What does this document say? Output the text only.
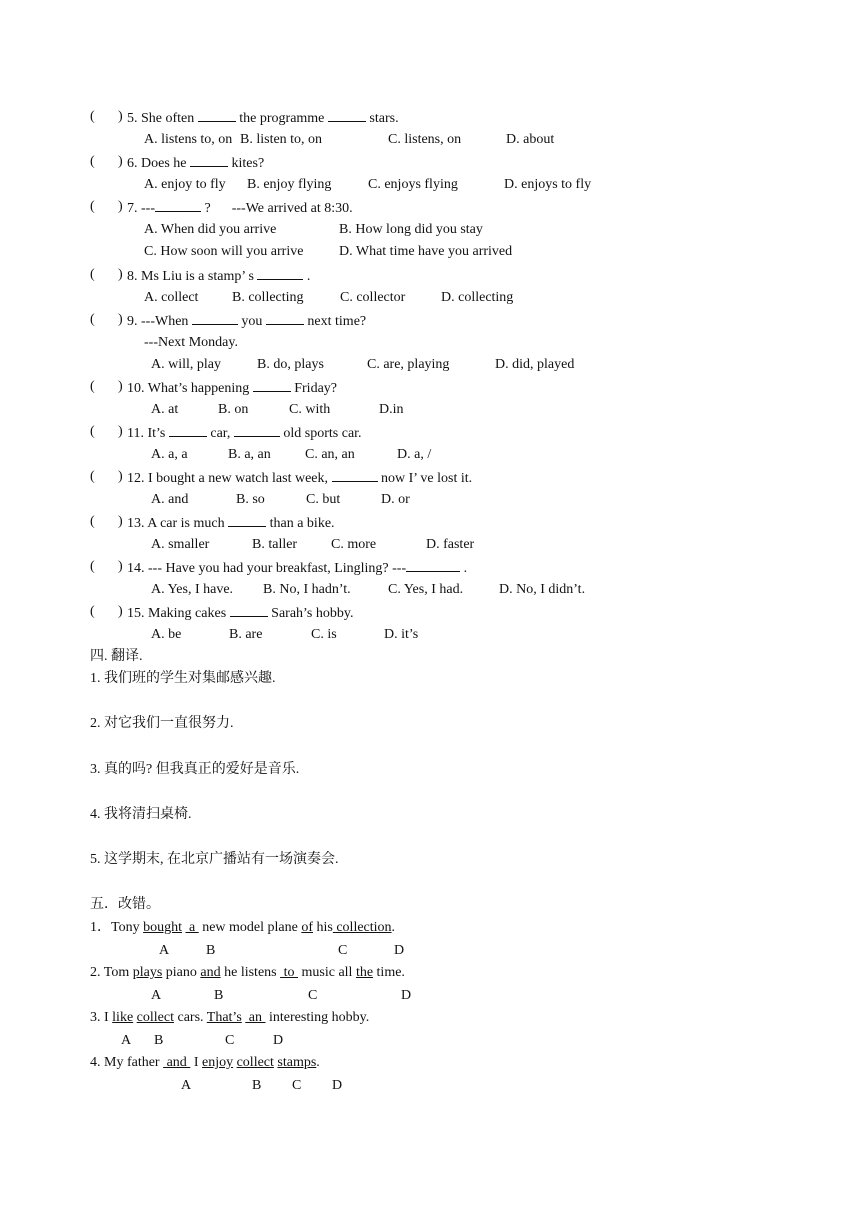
( ) 5. She often	the programme	stars.
A. listens to, on B. listen to, on	C. listens, on	D. about
( ) 6. Does he	kites?
A. enjoy to fly B. enjoy flying	C. enjoys flying	D. enjoys to fly
( ) 7. ---	?      ---We arrived at 8:30.
A. When did you arrive	B. How long did you stay
C. How soon will you arrive	D. What time have you arrived
( ) 8. Ms Liu is a stamp’ s	.
A. collect B. collecting	C. collector	D. collecting
( ) 9. ---When	you	next time?
---Next Monday.
A. will, play	B. do, plays	C. are, playing	D. did, played
( ) 10. What’s happening	Friday?
A. at	B. on	C. with	D.in
( ) 11. It’s	car,	old sports car.
A. a, a	B. a, an C. an, an	D. a, /
( ) 12. I bought a new watch last week,	now I’ ve lost it.
A. and	B. so	C. but	D. or
( ) 13. A car is much	than a bike.
A. smaller	B. taller C. more	D. faster
( ) 14. --- Have you had your breakfast, Lingling? ---	.
A. Yes, I have. B. No, I hadn’t.	C. Yes, I had.	D. No, I didn’t.
( ) 15. Making cakes	Sarah’s hobby.
A. be	B. are	C. is	D. it’s
四. 翻译.
1. 我们班的学生对集邮感兴趣.
2. 对它我们一直很努力.
3. 真的吗? 但我真正的爱好是音乐.
4. 我将清扫桌椅.
5. 这学期末, 在北京广播站有一场演奏会.
五．改错。
1．Tony bought  a  new model plane of his collection.
A	B	C	D
2. Tom plays piano and he listens  to  music all the time.
A	B	C	D
3. I like collect cars. That’s  an  interesting hobby.
A B	C	D
4. My father  and  I enjoy collect stamps.
A	B C D
